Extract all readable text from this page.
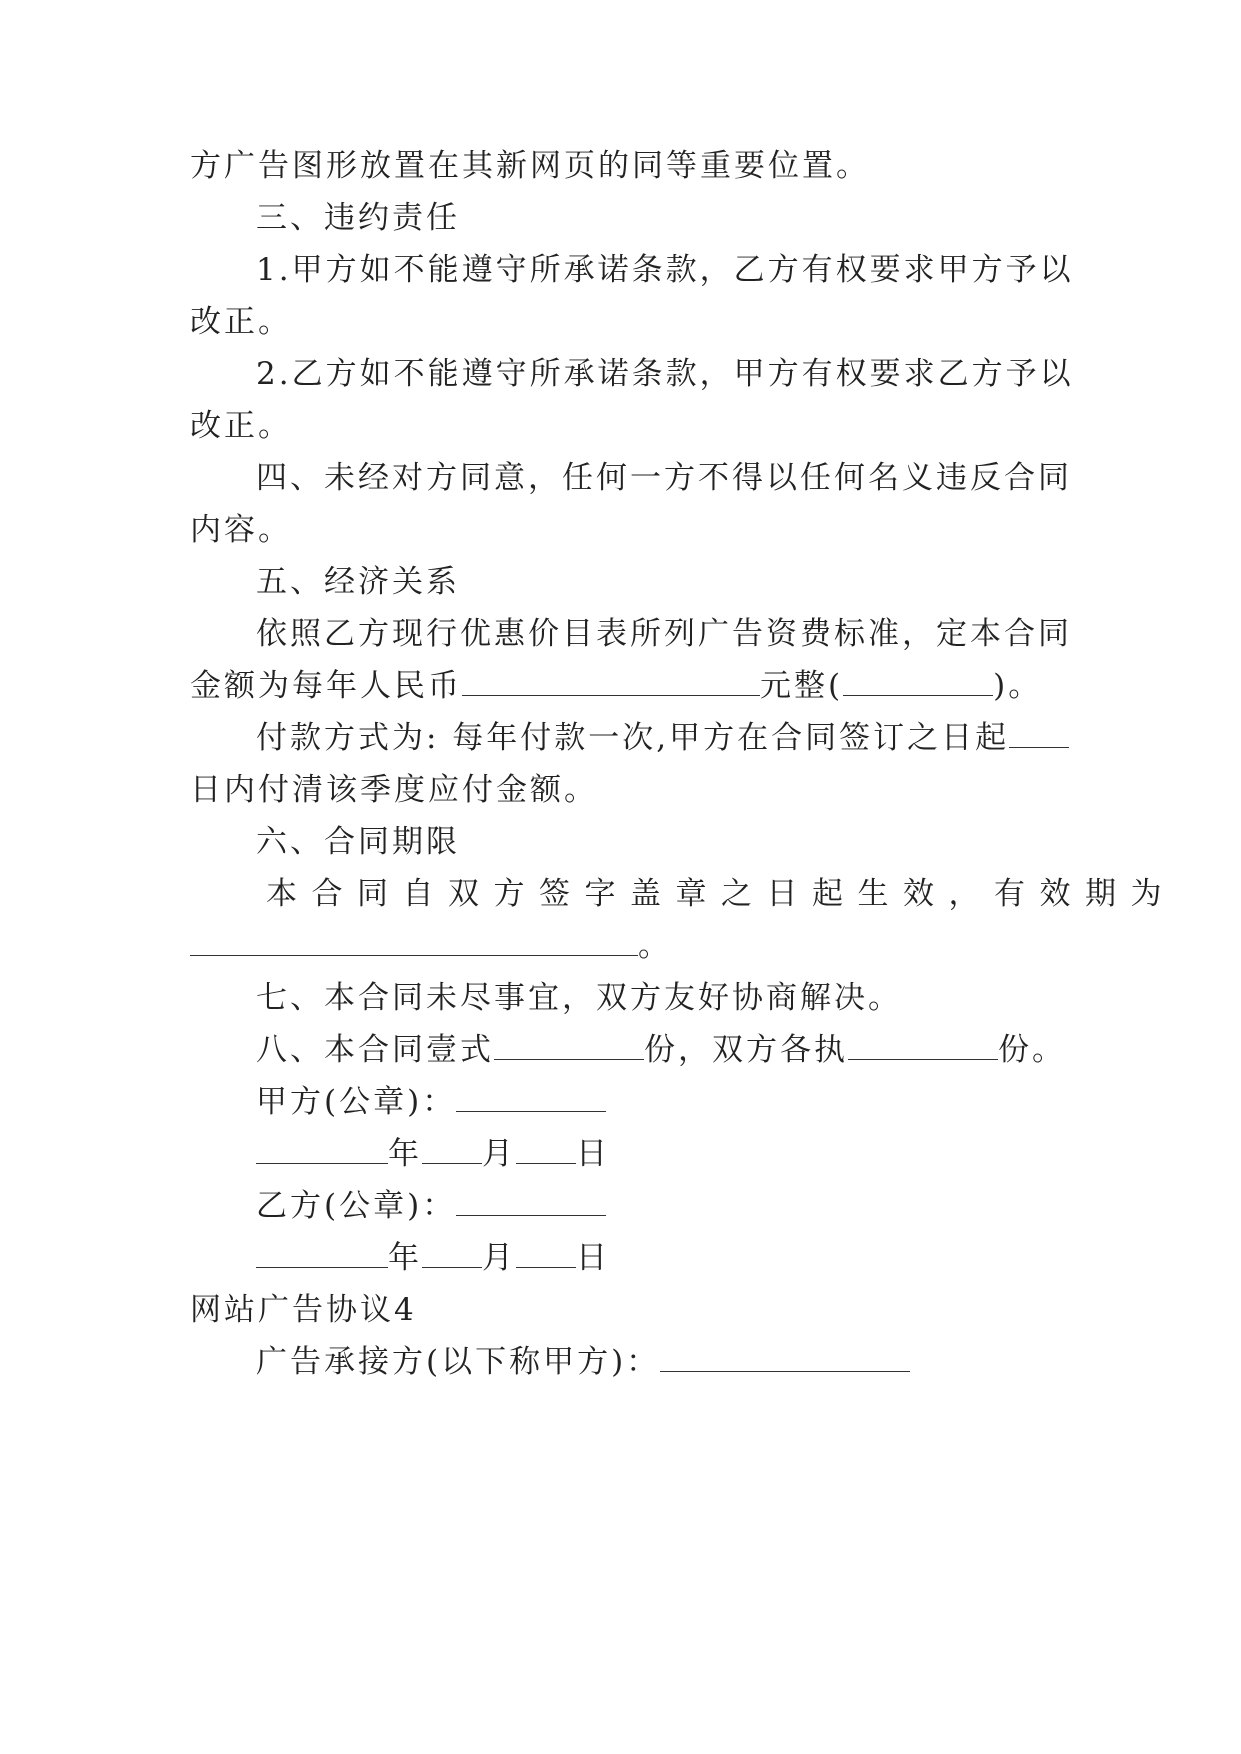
方广告图形放置在其新网页的同等重要位置。
三、违约责任
1.甲方如不能遵守所承诺条款，乙方有权要求甲方予以
改正。
2.乙方如不能遵守所承诺条款，甲方有权要求乙方予以
改正。
四、未经对方同意，任何一方不得以任何名义违反合同
内容。
五、经济关系
依照乙方现行优惠价目表所列广告资费标准，定本合同
金额为每年人民币	元整(	)。
付款方式为: 每年付款一次,甲方在合同签订之日起
日内付清该季度应付金额。
六、合同期限
本合同自双方签字盖章之日起生效，有效期为
。
七、本合同未尽事宜，双方友好协商解决。
八、本合同壹式	份，双方各执	份。
甲方(公章)：
年 月 日
乙方(公章)：
年 月 日
网站广告协议4
广告承接方(以下称甲方)：
